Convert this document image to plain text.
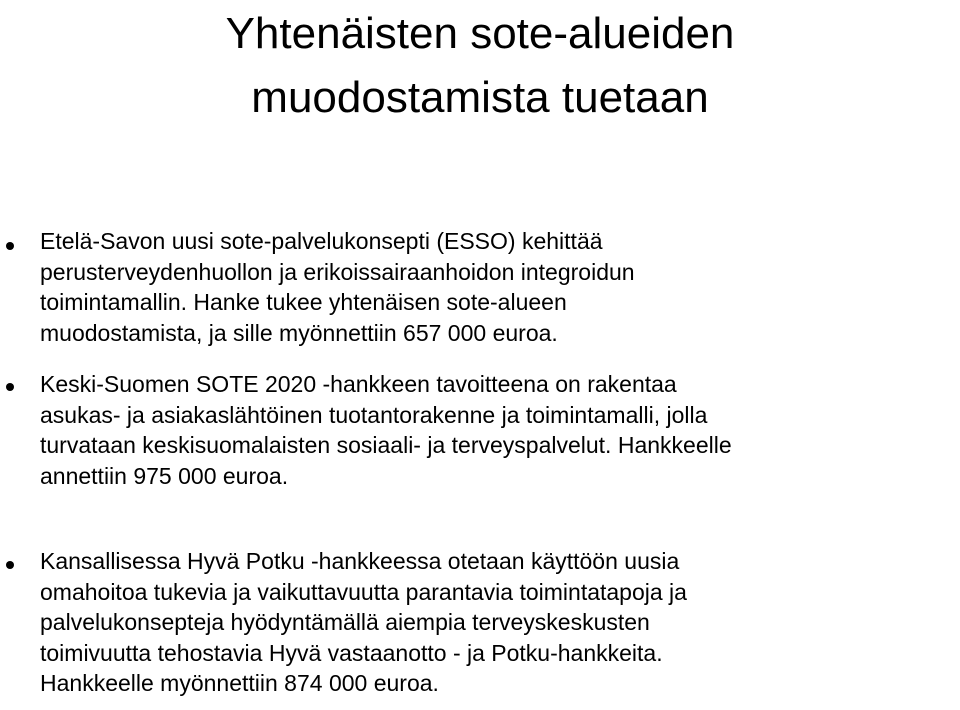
Yhtenäisten sote-alueiden
muodostamista tuetaan
Etelä-Savon uusi sote-palvelukonsepti (ESSO) kehittää
perusterveydenhuollon ja erikoissairaanhoidon integroidun
toimintamallin. Hanke tukee yhtenäisen sote-alueen
muodostamista, ja sille myönnettiin 657 000 euroa.
Keski-Suomen SOTE 2020 -hankkeen tavoitteena on rakentaa
asukas- ja asiakaslähtöinen tuotantorakenne ja toimintamalli, jolla
turvataan keskisuomalaisten sosiaali- ja terveyspalvelut. Hankkeelle
annettiin 975 000 euroa.
Kansallisessa Hyvä Potku -hankkeessa otetaan käyttöön uusia
omahoitoa tukevia ja vaikuttavuutta parantavia toimintatapoja ja
palvelukonsepteja hyödyntämällä aiempia terveyskeskusten
toimivuutta tehostavia Hyvä vastaanotto - ja Potku-hankkeita.
Hankkeelle myönnettiin 874 000 euroa.
